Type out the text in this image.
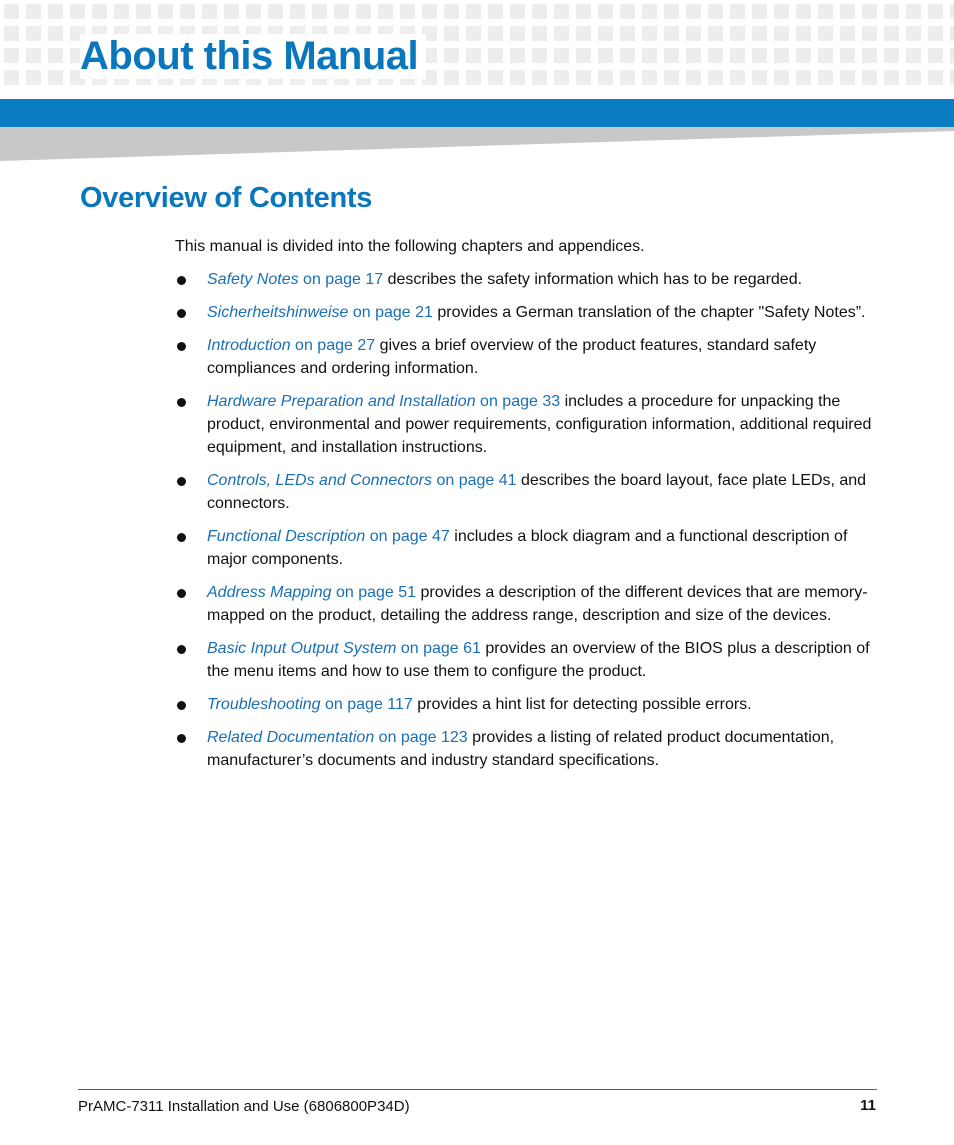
About this Manual
Overview of Contents

This manual is divided into the following chapters and appendices.

Safety Notes on page 17 describes the safety information which has to be regarded.
Sicherheitshinweise on page 21 provides a German translation of the chapter "Safety Notes”.
Introduction on page 27 gives a brief overview of the product features, standard safety compliances and ordering information.
Hardware Preparation and Installation on page 33 includes a procedure for unpacking the product, environmental and power requirements, configuration information, additional required equipment, and installation instructions.
Controls, LEDs and Connectors on page 41 describes the board layout, face plate LEDs, and connectors.
Functional Description on page 47 includes a block diagram and a functional description of major components.
Address Mapping on page 51 provides a description of the different devices that are memory-mapped on the product, detailing the address range, description and size of the devices.
Basic Input Output System on page 61 provides an overview of the BIOS plus a description of the menu items and how to use them to configure the product.
Troubleshooting on page 117 provides a hint list for detecting possible errors.
Related Documentation on page 123 provides a listing of related product documentation, manufacturer’s documents and industry standard specifications.
PrAMC-7311 Installation and Use (6806800P34D)	11
